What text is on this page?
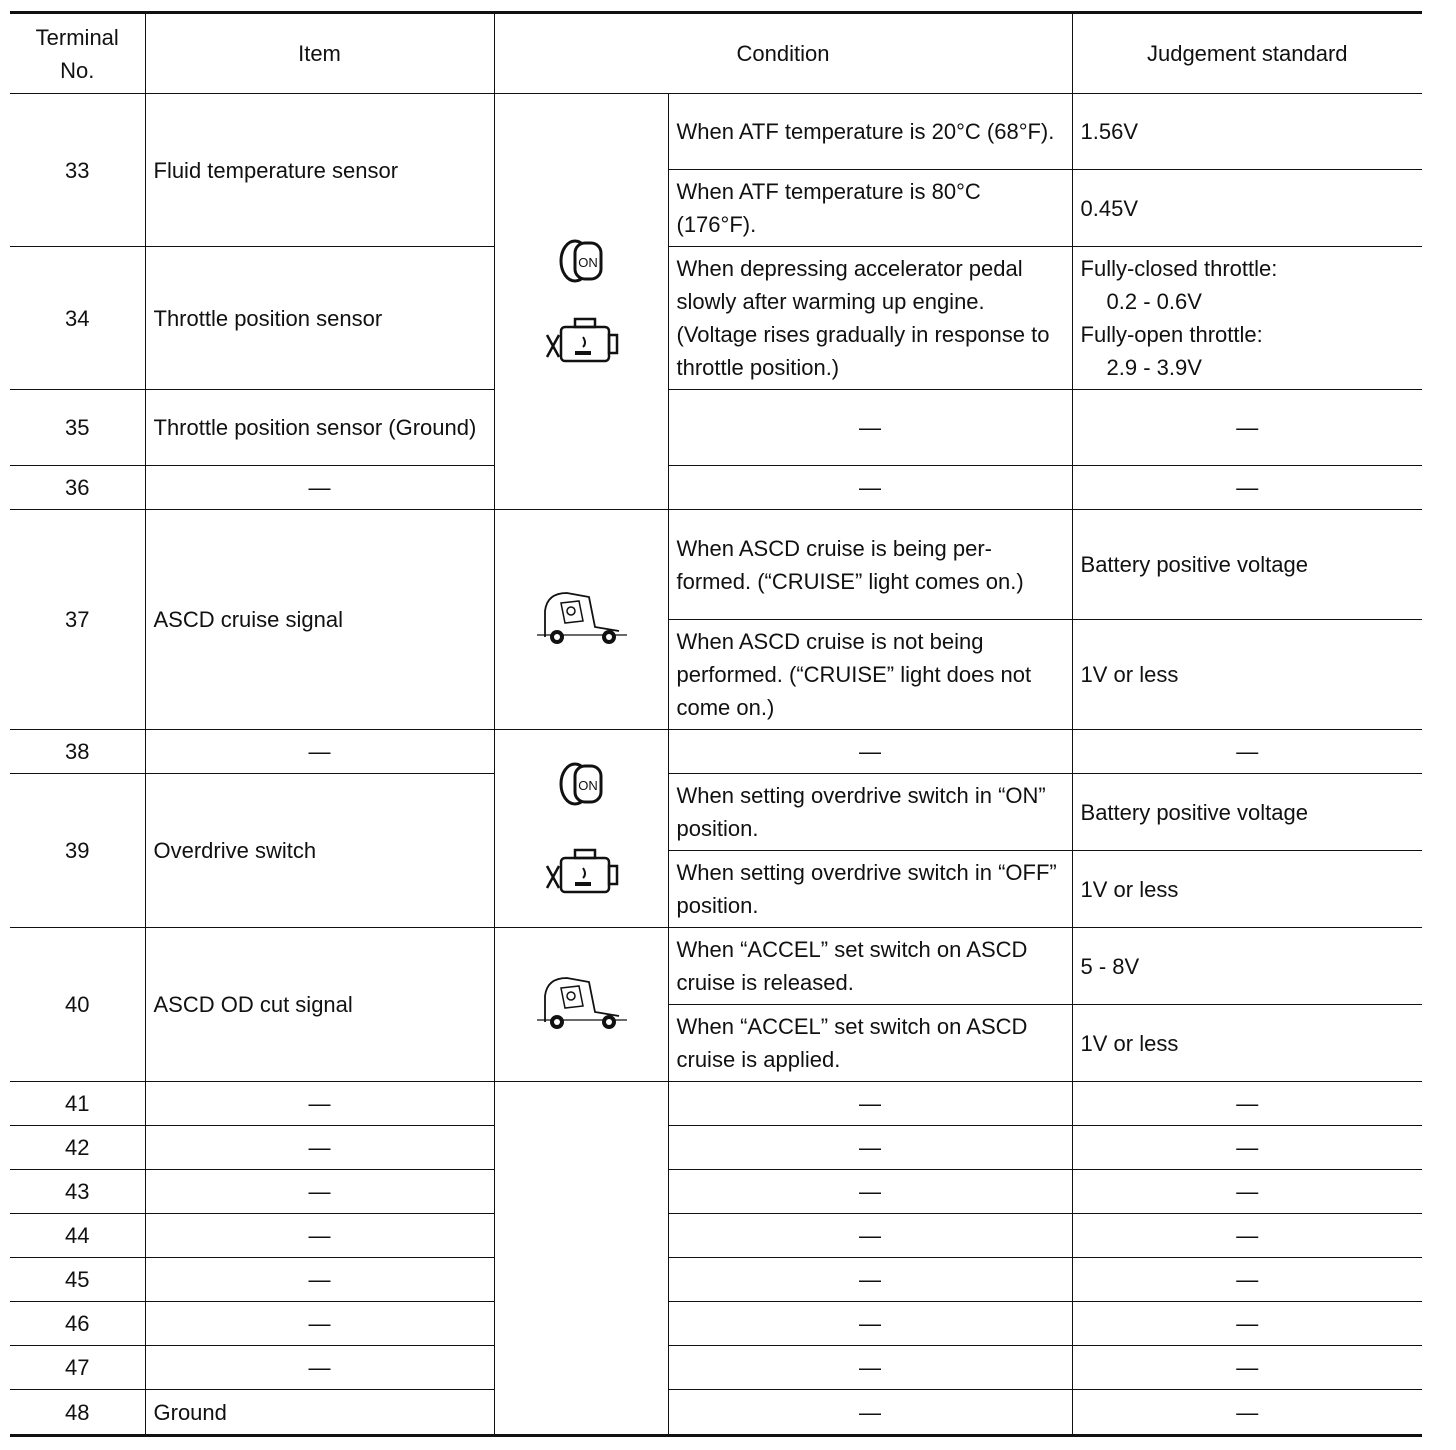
Terminal No.	Item	Condition		Judgement standard
33	Fluid temperature sensor	ON	When ATF temperature is 20°C (68°F).	1.56V
			When ATF temperature is 80°C (176°F).	0.45V
34	Throttle position sensor		When depressing accelerator pedal slowly after warming up engine. (Voltage rises gradually in response to throttle position.)	Fully-closed throttle:

0.2 - 0.6V
Fully-open throttle:

2.9 - 3.9V

35	Throttle position sensor (Ground)		—	—
36	—		—	—
37	ASCD cruise signal		When ASCD cruise is being per- formed. (“CRUISE” light comes on.)	Battery positive voltage
			When ASCD cruise is not being performed. (“CRUISE” light does not come on.)	1V or less
38	—	ON	—	—
39	Overdrive switch		When setting overdrive switch in “ON” position.	Battery positive voltage
			When setting overdrive switch in “OFF” position.	1V or less
40	ASCD OD cut signal		When “ACCEL” set switch on ASCD cruise is released.	5 - 8V
			When “ACCEL” set switch on ASCD cruise is applied.	1V or less
41	—		—	—
42	—		—	—
43	—		—	—
44	—		—	—
45	—		—	—
46	—		—	—
47	—		—	—
48	Ground		—	—
